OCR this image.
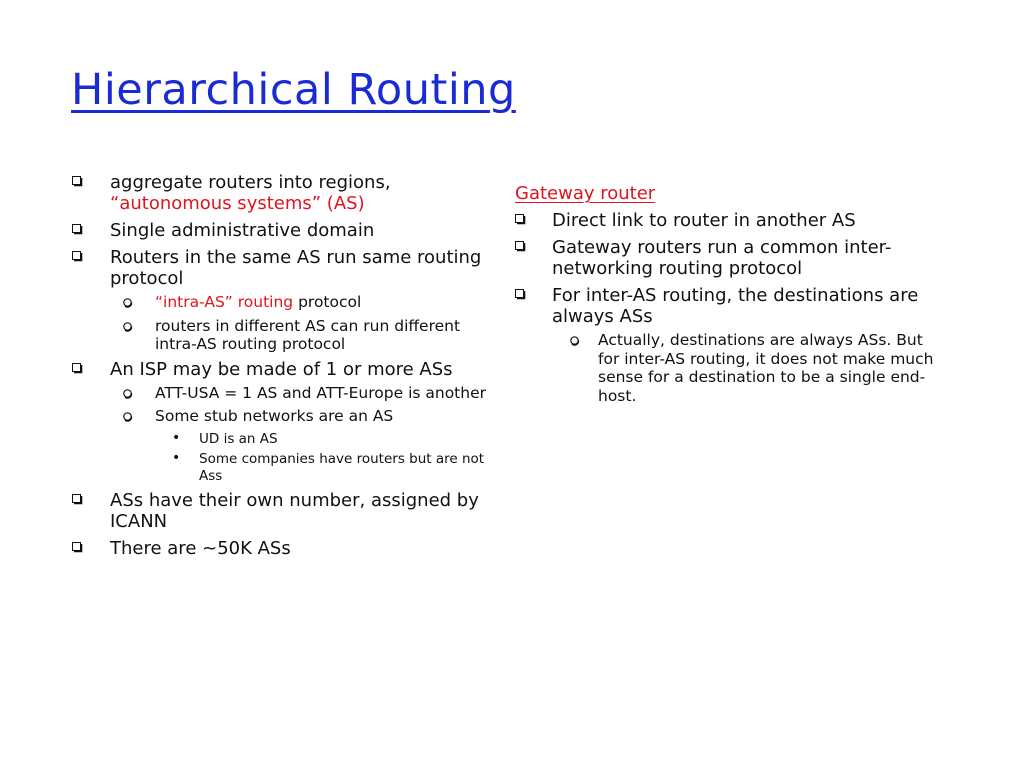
Hierarchical Routing
aggregate routers into regions,
“autonomous systems” (AS)
Single administrative domain
Routers in the same AS run same routing protocol
“intra-AS” routing protocol
routers in different AS can run different intra-AS routing protocol
An ISP may be made of 1 or more ASs
ATT-USA = 1 AS and ATT-Europe is another
Some stub networks are an AS
• UD is an AS
• Some companies have routers but are not Ass
ASs have their own number, assigned by ICANN
There are ~50K ASs
Gateway router
Direct link to router in another AS
Gateway routers run a common inter-networking routing protocol
For inter-AS routing, the destinations are always ASs
Actually, destinations are always ASs. But for inter-AS routing, it does not make much sense for a destination to be a single end-host.
